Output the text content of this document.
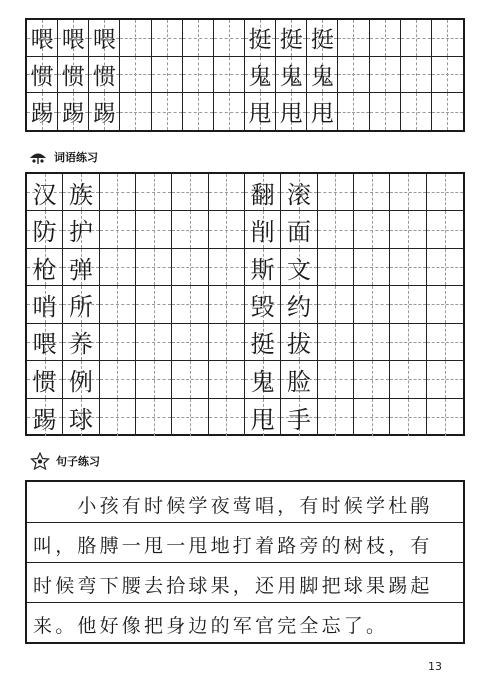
喂 喂 喂	挺 挺 挺
惯 惯 惯	鬼 鬼 鬼
踢 踢 踢	甩 甩 甩
词语练习
汉 族	翻 滚
防 护	削 面
枪 弹	斯 文
哨 所	毁 约
喂 养	挺 拔
惯 例	鬼 脸
踢 球	甩 手
句子练习
　　小孩有时候学夜莺唱，有时候学杜鹃
叫，胳膊一甩一甩地打着路旁的树枝，有
时候弯下腰去拾球果，还用脚把球果踢起
来。他好像把身边的军官完全忘了。
13
